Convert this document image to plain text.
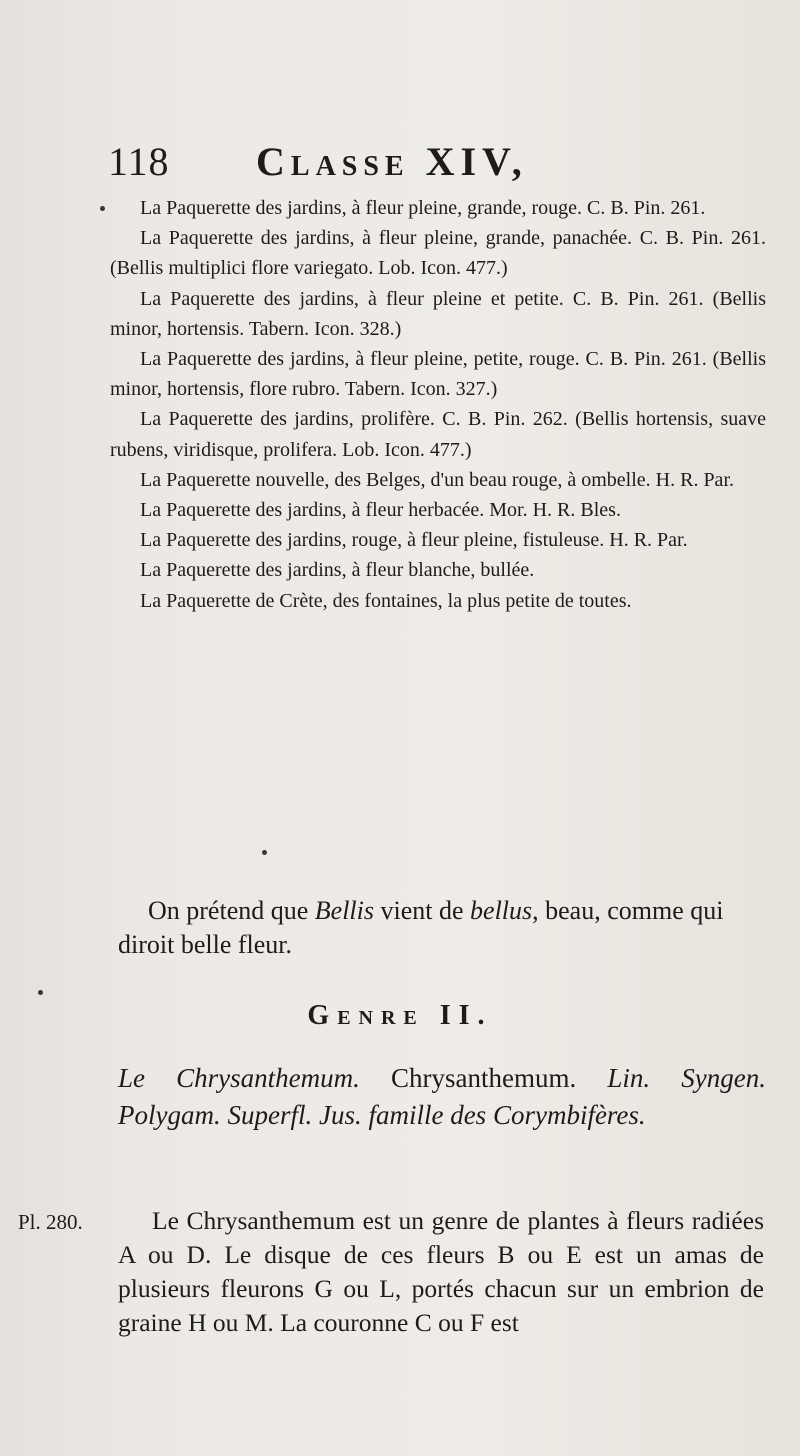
118 Classe XIV,

La Paquerette des jardins, à fleur pleine, grande, rouge. C. B. Pin. 261.

La Paquerette des jardins, à fleur pleine, grande, panachée. C. B. Pin. 261. (Bellis multiplici flore variegato. Lob. Icon. 477.)

La Paquerette des jardins, à fleur pleine et petite. C. B. Pin. 261. (Bellis minor, hortensis. Tabern. Icon. 328.)

La Paquerette des jardins, à fleur pleine, petite, rouge. C. B. Pin. 261. (Bellis minor, hortensis, flore rubro. Tabern. Icon. 327.)

La Paquerette des jardins, prolifère. C. B. Pin. 262. (Bellis hortensis, suave rubens, viridisque, prolifera. Lob. Icon. 477.)

La Paquerette nouvelle, des Belges, d'un beau rouge, à ombelle. H. R. Par.

La Paquerette des jardins, à fleur herbacée. Mor. H. R. Bles.

La Paquerette des jardins, rouge, à fleur pleine, fistuleuse. H. R. Par.

La Paquerette des jardins, à fleur blanche, bullée.

La Paquerette de Crète, des fontaines, la plus petite de toutes.

On prétend que Bellis vient de bellus, beau, comme qui diroit belle fleur.

Genre II.

Le Chrysanthemum. Chrysanthemum. Lin. Syngen. Polygam. Superfl. Jus. famille des Corymbifères.

Pl. 280.	Le Chrysanthemum est un genre de plantes à fleurs radiées A ou D. Le disque de ces fleurs B ou E est un amas de plusieurs fleurons G ou L, portés chacun sur un embrion de graine H ou M. La couronne C ou F est
